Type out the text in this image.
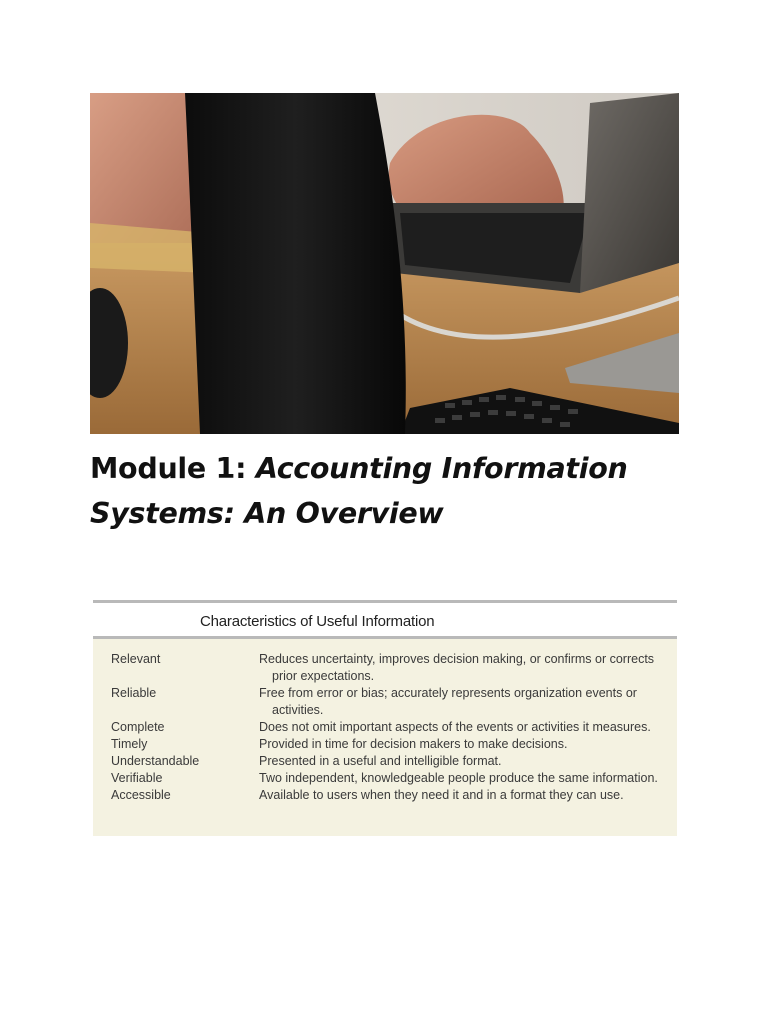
Module 1: Accounting Information
Systems: An Overview
Characteristics of Useful Information
Relevant	Reduces uncertainty, improves decision making, or confirms or corrects prior expectations.
Reliable	Free from error or bias; accurately represents organization events or activities.
Complete	Does not omit important aspects of the events or activities it measures.
Timely	Provided in time for decision makers to make decisions.
Understandable	Presented in a useful and intelligible format.
Verifiable	Two independent, knowledgeable people produce the same information.
Accessible	Available to users when they need it and in a format they can use.
